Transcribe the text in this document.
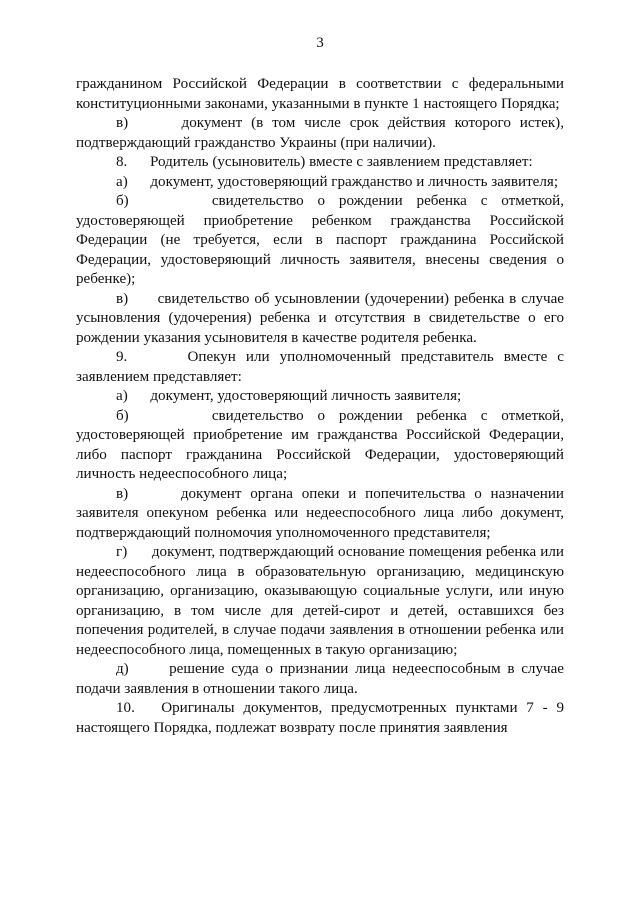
3

гражданином Российской Федерации в соответствии с федеральными конституционными законами, указанными в пункте 1 настоящего Порядка;

в)      документ (в том числе срок действия которого истек), подтверждающий гражданство Украины (при наличии).

8.      Родитель (усыновитель) вместе с заявлением представляет:

а)      документ, удостоверяющий гражданство и личность заявителя;

б)      свидетельство о рождении ребенка с отметкой, удостоверяющей приобретение ребенком гражданства Российской Федерации (не требуется, если в паспорт гражданина Российской Федерации, удостоверяющий личность заявителя, внесены сведения о ребенке);

в)      свидетельство об усыновлении (удочерении) ребенка в случае усыновления (удочерения) ребенка и отсутствия в свидетельстве о его рождении указания усыновителя в качестве родителя ребенка.

9.      Опекун или уполномоченный представитель вместе с заявлением представляет:

а)      документ, удостоверяющий личность заявителя;

б)      свидетельство о рождении ребенка с отметкой, удостоверяющей приобретение им гражданства Российской Федерации, либо паспорт гражданина Российской Федерации, удостоверяющий личность недееспособного лица;

в)      документ органа опеки и попечительства о назначении заявителя опекуном ребенка или недееспособного лица либо документ, подтверждающий полномочия уполномоченного представителя;

г)      документ, подтверждающий основание помещения ребенка или недееспособного лица в образовательную организацию, медицинскую организацию, организацию, оказывающую социальные услуги, или иную организацию, в том числе для детей-сирот и детей, оставшихся без попечения родителей, в случае подачи заявления в отношении ребенка или недееспособного лица, помещенных в такую организацию;

д)      решение суда о признании лица недееспособным в случае подачи заявления в отношении такого лица.

10.   Оригиналы документов, предусмотренных пунктами 7 - 9 настоящего Порядка, подлежат возврату после принятия заявления
